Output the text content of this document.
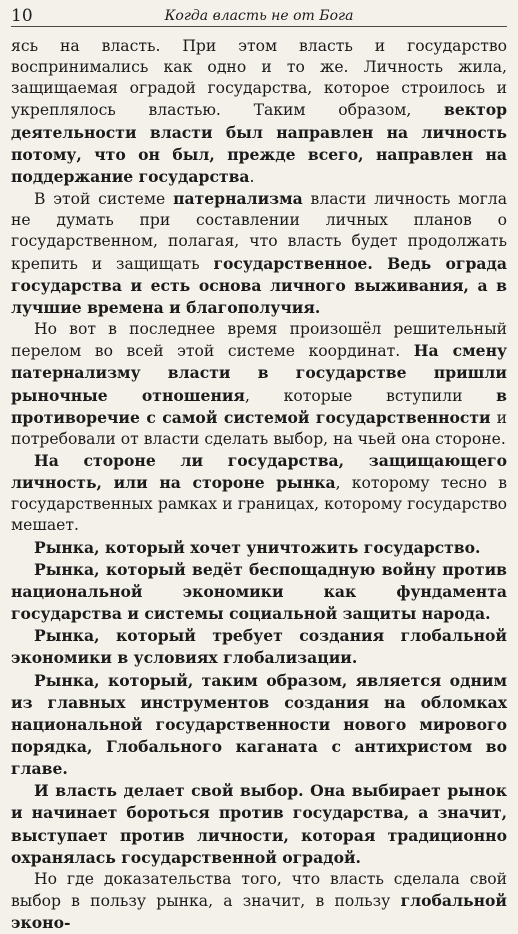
10	Когда власть не от Бога

ясь на власть. При этом власть и государство воспринимались как одно и то же. Личность жила, защищаемая оградой государства, которое строилось и укреплялось властью. Таким образом, вектор деятельности власти был направлен на личность потому, что он был, прежде всего, направлен на поддержание государства.

В этой системе патернализма власти личность могла не думать при составлении личных планов о государственном, полагая, что власть будет продолжать крепить и защищать государственное. Ведь ограда государства и есть основа личного выживания, а в лучшие времена и благополучия.

Но вот в последнее время произошёл решительный перелом во всей этой системе координат. На смену патернализму власти в государстве пришли рыночные отношения, которые вступили в противоречие с самой системой государственности и потребовали от власти сделать выбор, на чьей она стороне.

На стороне ли государства, защищающего личность, или на стороне рынка, которому тесно в государственных рамках и границах, которому государство мешает.

Рынка, который хочет уничтожить государство.

Рынка, который ведёт беспощадную войну против национальной экономики как фундамента государства и системы социальной защиты народа.

Рынка, который требует создания глобальной экономики в условиях глобализации.

Рынка, который, таким образом, является одним из главных инструментов создания на обломках национальной государственности нового мирового порядка, Глобального каганата с антихристом во главе.

И власть делает свой выбор. Она выбирает рынок и начинает бороться против государства, а значит, выступает против личности, которая традиционно охранялась государственной оградой.

Но где доказательства того, что власть сделала свой выбор в пользу рынка, а значит, в пользу глобальной эконо-
